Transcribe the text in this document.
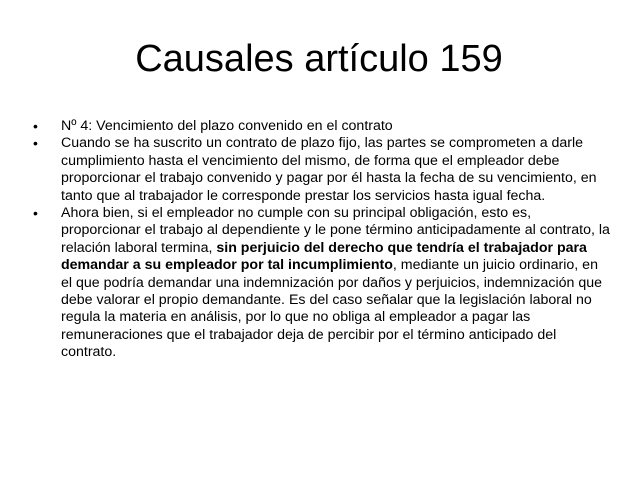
Causales artículo 159
• Nº 4: Vencimiento del plazo convenido en el contrato
• Cuando se ha suscrito un contrato de plazo fijo, las partes se comprometen a darle cumplimiento hasta el vencimiento del mismo, de forma que el empleador debe proporcionar el trabajo convenido y pagar por él hasta la fecha de su vencimiento, en tanto que al trabajador le corresponde prestar los servicios hasta igual fecha.
• Ahora bien, si el empleador no cumple con su principal obligación, esto es, proporcionar el trabajo al dependiente y le pone término anticipadamente al contrato, la relación laboral termina, sin perjuicio del derecho que tendría el trabajador para demandar a su empleador por tal incumplimiento, mediante un juicio ordinario, en el que podría demandar una indemnización por daños y perjuicios, indemnización que debe valorar el propio demandante. Es del caso señalar que la legislación laboral no regula la materia en análisis, por lo que no obliga al empleador a pagar las remuneraciones que el trabajador deja de percibir por el término anticipado del contrato.
